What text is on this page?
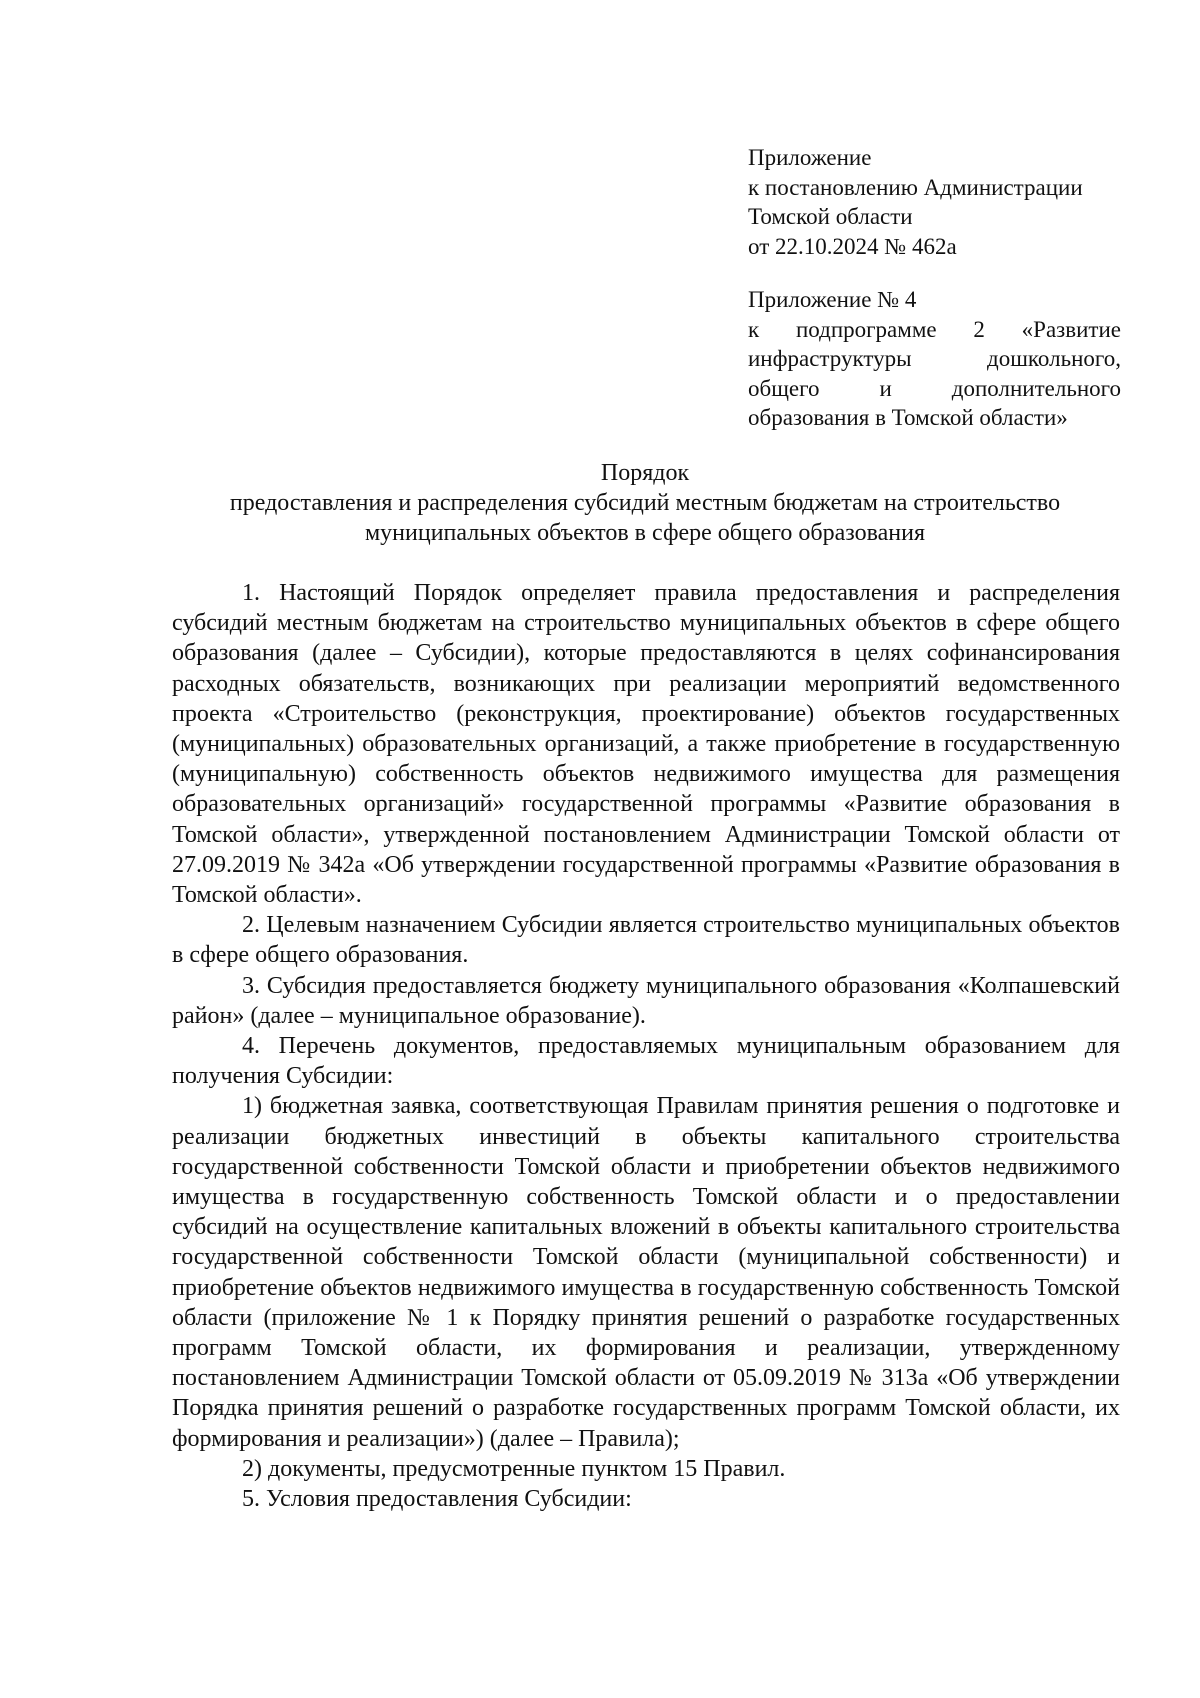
Приложение
к постановлению Администрации
Томской области
от 22.10.2024 № 462а
Приложение № 4
к подпрограмме 2 «Развитие
инфраструктуры дошкольного,
общего и дополнительного
образования в Томской области»
Порядок
предоставления и распределения субсидий местным бюджетам на строительство
муниципальных объектов в сфере общего образования

1. Настоящий Порядок определяет правила предоставления и распределения субсидий местным бюджетам на строительство муниципальных объектов в сфере общего образования (далее – Субсидии), которые предоставляются в целях софинансирования расходных обязательств, возникающих при реализации мероприятий ведомственного проекта «Строительство (реконструкция, проектирование) объектов государственных (муниципальных) образовательных организаций, а также приобретение в государственную (муниципальную) собственность объектов недвижимого имущества для размещения образовательных организаций» государственной программы «Развитие образования в Томской области», утвержденной постановлением Администрации Томской области от 27.09.2019 № 342а «Об утверждении государственной программы «Развитие образования в Томской области».

2. Целевым назначением Субсидии является строительство муниципальных объектов в сфере общего образования.

3. Субсидия предоставляется бюджету муниципального образования «Колпашевский район» (далее – муниципальное образование).

4. Перечень документов, предоставляемых муниципальным образованием для получения Субсидии:

1) бюджетная заявка, соответствующая Правилам принятия решения о подготовке и реализации бюджетных инвестиций в объекты капитального строительства государственной собственности Томской области и приобретении объектов недвижимого имущества в государственную собственность Томской области и о предоставлении субсидий на осуществление капитальных вложений в объекты капитального строительства государственной собственности Томской области (муниципальной собственности) и приобретение объектов недвижимого имущества в государственную собственность Томской области (приложение № 1 к Порядку принятия решений о разработке государственных программ Томской области, их формирования и реализации, утвержденному постановлением Администрации Томской области от 05.09.2019 № 313а «Об утверждении Порядка принятия решений о разработке государственных программ Томской области, их формирования и реализации») (далее – Правила);

2) документы, предусмотренные пунктом 15 Правил.

5. Условия предоставления Субсидии:
